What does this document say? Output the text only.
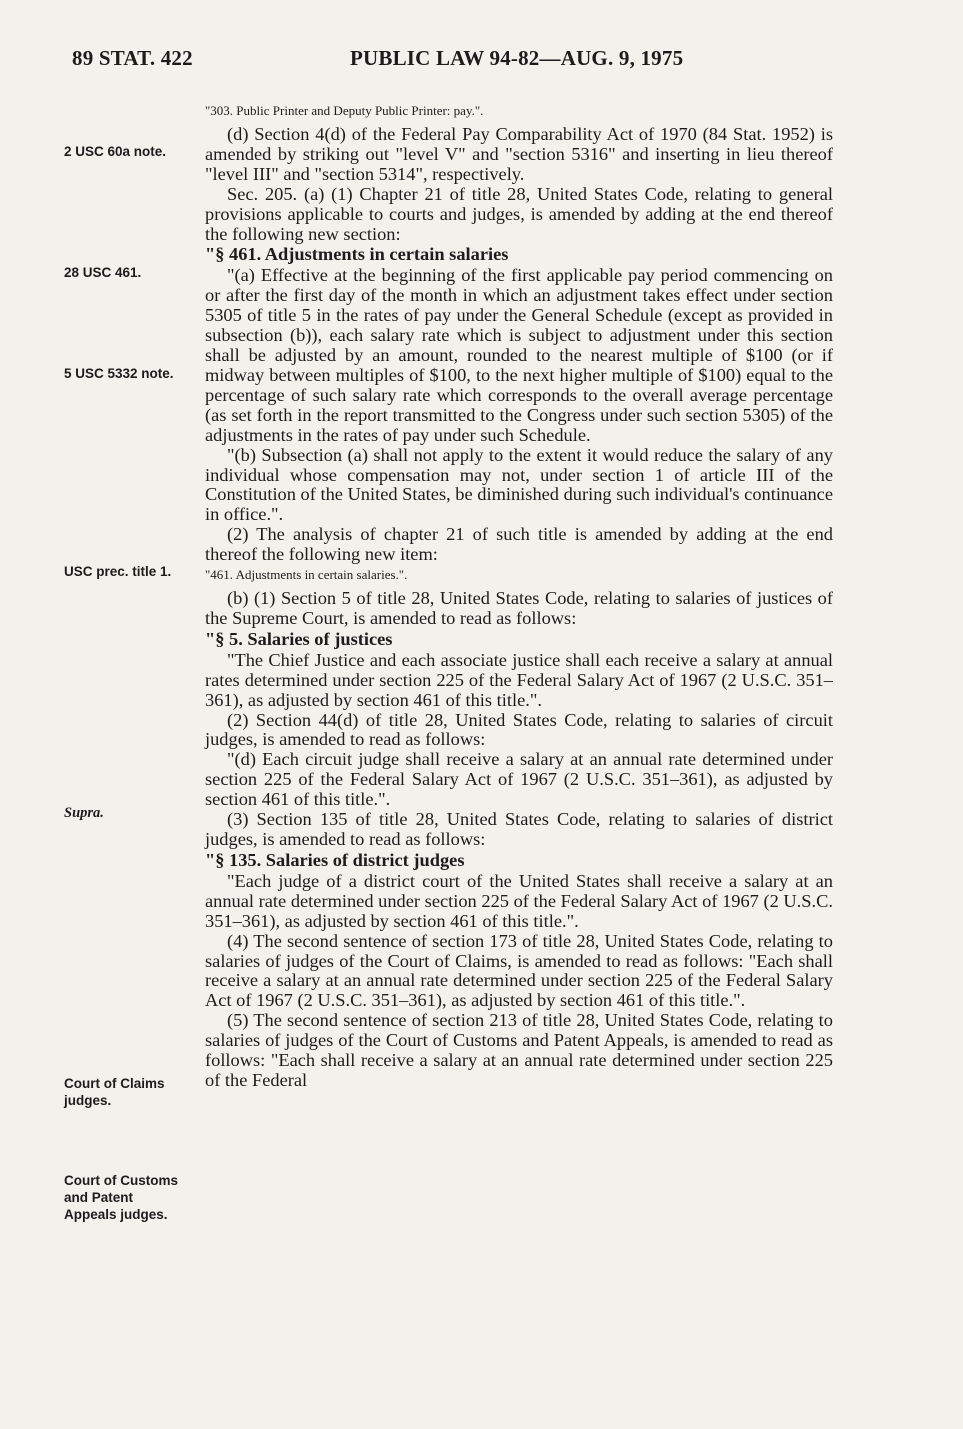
89 STAT. 422	PUBLIC LAW 94-82—AUG. 9, 1975
2 USC 60a note.
28 USC 461.
5 USC 5332 note.
USC prec. title 1.
Supra.
Court of Claims judges.
Court of Customs and Patent Appeals judges.

"303. Public Printer and Deputy Public Printer: pay.".

(d) Section 4(d) of the Federal Pay Comparability Act of 1970 (84 Stat. 1952) is amended by striking out "level V" and "section 5316" and inserting in lieu thereof "level III" and "section 5314", respectively.

Sec. 205. (a) (1) Chapter 21 of title 28, United States Code, relating to general provisions applicable to courts and judges, is amended by adding at the end thereof the following new section:

"§ 461. Adjustments in certain salaries

"(a) Effective at the beginning of the first applicable pay period commencing on or after the first day of the month in which an adjustment takes effect under section 5305 of title 5 in the rates of pay under the General Schedule (except as provided in subsection (b)), each salary rate which is subject to adjustment under this section shall be adjusted by an amount, rounded to the nearest multiple of $100 (or if midway between multiples of $100, to the next higher multiple of $100) equal to the percentage of such salary rate which corresponds to the overall average percentage (as set forth in the report transmitted to the Congress under such section 5305) of the adjustments in the rates of pay under such Schedule.

"(b) Subsection (a) shall not apply to the extent it would reduce the salary of any individual whose compensation may not, under section 1 of article III of the Constitution of the United States, be diminished during such individual's continuance in office.".

(2) The analysis of chapter 21 of such title is amended by adding at the end thereof the following new item:

"461. Adjustments in certain salaries.".

(b) (1) Section 5 of title 28, United States Code, relating to salaries of justices of the Supreme Court, is amended to read as follows:

"§ 5. Salaries of justices

"The Chief Justice and each associate justice shall each receive a salary at annual rates determined under section 225 of the Federal Salary Act of 1967 (2 U.S.C. 351–361), as adjusted by section 461 of this title.".

(2) Section 44(d) of title 28, United States Code, relating to salaries of circuit judges, is amended to read as follows:

"(d) Each circuit judge shall receive a salary at an annual rate determined under section 225 of the Federal Salary Act of 1967 (2 U.S.C. 351–361), as adjusted by section 461 of this title.".

(3) Section 135 of title 28, United States Code, relating to salaries of district judges, is amended to read as follows:

"§ 135. Salaries of district judges

"Each judge of a district court of the United States shall receive a salary at an annual rate determined under section 225 of the Federal Salary Act of 1967 (2 U.S.C. 351–361), as adjusted by section 461 of this title.".

(4) The second sentence of section 173 of title 28, United States Code, relating to salaries of judges of the Court of Claims, is amended to read as follows: "Each shall receive a salary at an annual rate determined under section 225 of the Federal Salary Act of 1967 (2 U.S.C. 351–361), as adjusted by section 461 of this title.".

(5) The second sentence of section 213 of title 28, United States Code, relating to salaries of judges of the Court of Customs and Patent Appeals, is amended to read as follows: "Each shall receive a salary at an annual rate determined under section 225 of the Federal
